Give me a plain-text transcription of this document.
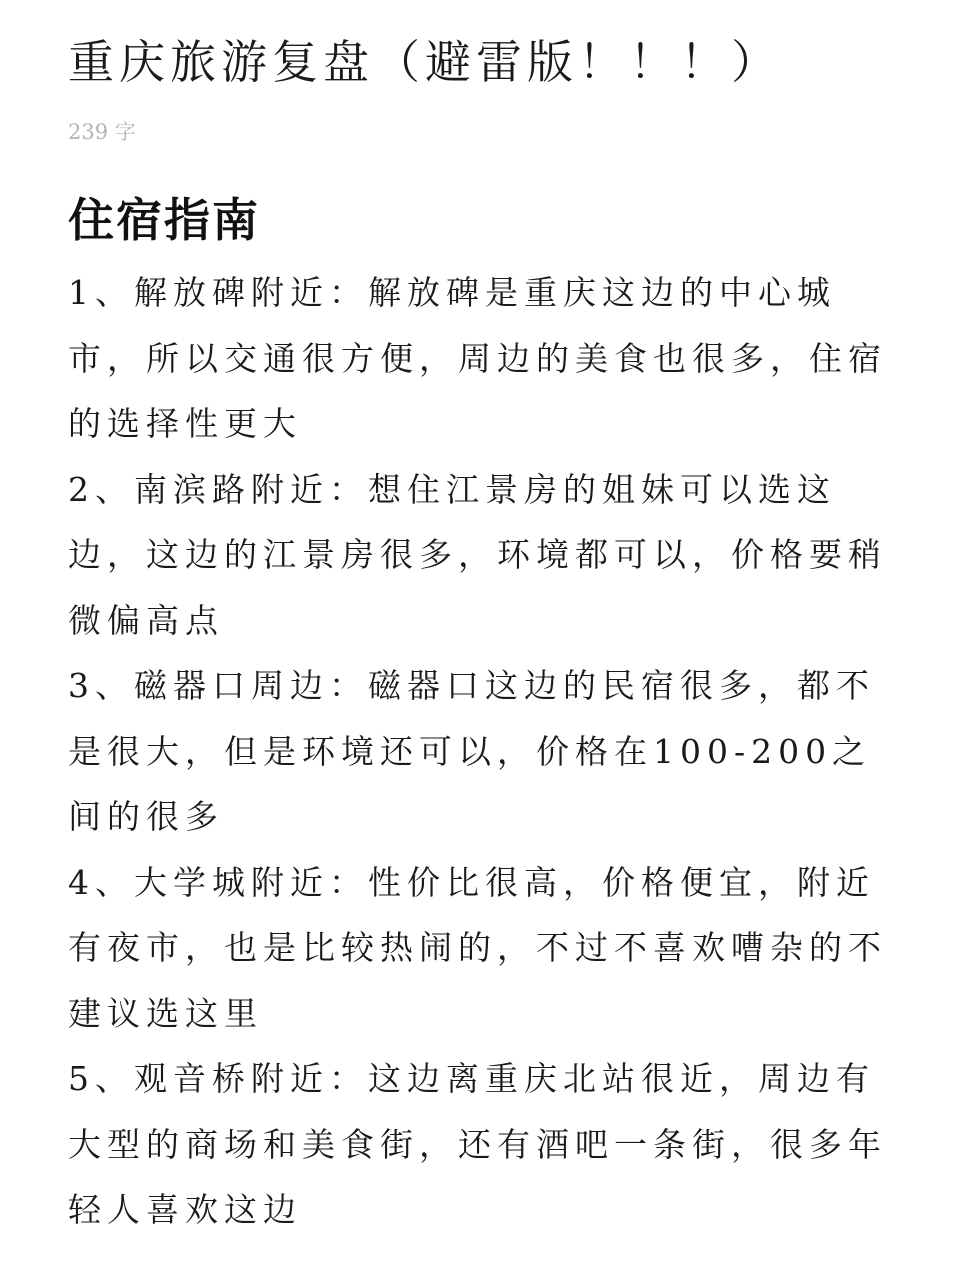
重庆旅游复盘（避雷版！！！）
239 字
住宿指南
1、解放碑附近：解放碑是重庆这边的中心城市，所以交通很方便，周边的美食也很多，住宿的选择性更大
2、南滨路附近：想住江景房的姐妹可以选这边，这边的江景房很多，环境都可以，价格要稍微偏高点
3、磁器口周边：磁器口这边的民宿很多，都不是很大，但是环境还可以，价格在100-200之间的很多
4、大学城附近：性价比很高，价格便宜，附近有夜市，也是比较热闹的，不过不喜欢嘈杂的不建议选这里
5、观音桥附近：这边离重庆北站很近，周边有大型的商场和美食街，还有酒吧一条街，很多年轻人喜欢这边
